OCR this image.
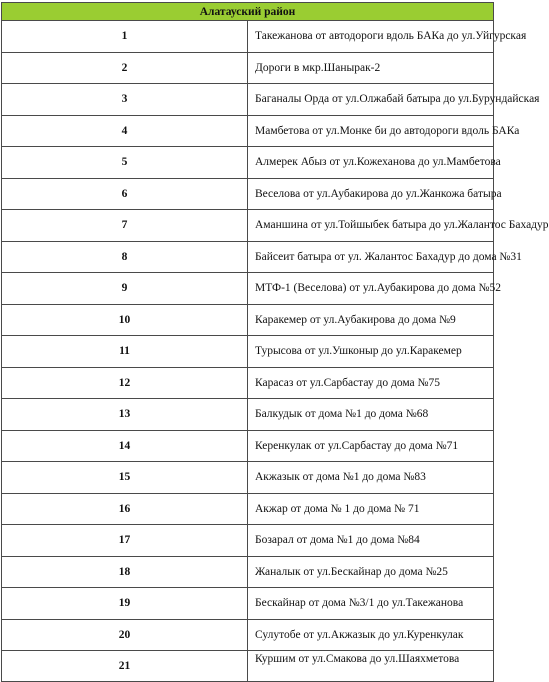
Алатауский район	
1	Такежанова от автодороги вдоль БАКа до ул.Уйгурская
2	Дороги в мкр.Шанырак-2
3	Баганалы Орда от ул.Олжабай батыра до ул.Бурундайская
4	Мамбетова от ул.Монке би до автодороги вдоль БАКа
5	Алмерек Абыз от ул.Кожеханова до ул.Мамбетова
6	Веселова от ул.Аубакирова до ул.Жанкожа батыра
7	Аманшина от ул.Тойшыбек батыра до ул.Жалантос Бахадур
8	Байсеит батыра от ул. Жалантос Бахадур до дома №31
9	МТФ-1 (Веселова) от ул.Аубакирова до дома №52
10	Каракемер от ул.Аубакирова до дома №9
11	Турысова от ул.Ушконыр до ул.Каракемер
12	Карасаз от ул.Сарбастау до дома №75
13	Балкудык от дома №1 до дома №68
14	Керенкулак от ул.Сарбастау до дома №71
15	Акжазык от дома №1 до дома №83
16	Акжар от дома № 1 до дома № 71
17	Бозарал от дома №1 до дома №84
18	Жаналык от ул.Бескайнар до дома №25
19	Бескайнар от дома №3/1 до ул.Такежанова
20	Сулутобе от ул.Акжазык до ул.Куренкулак
21	Куршим от ул.Смакова до ул.Шаяхметова
